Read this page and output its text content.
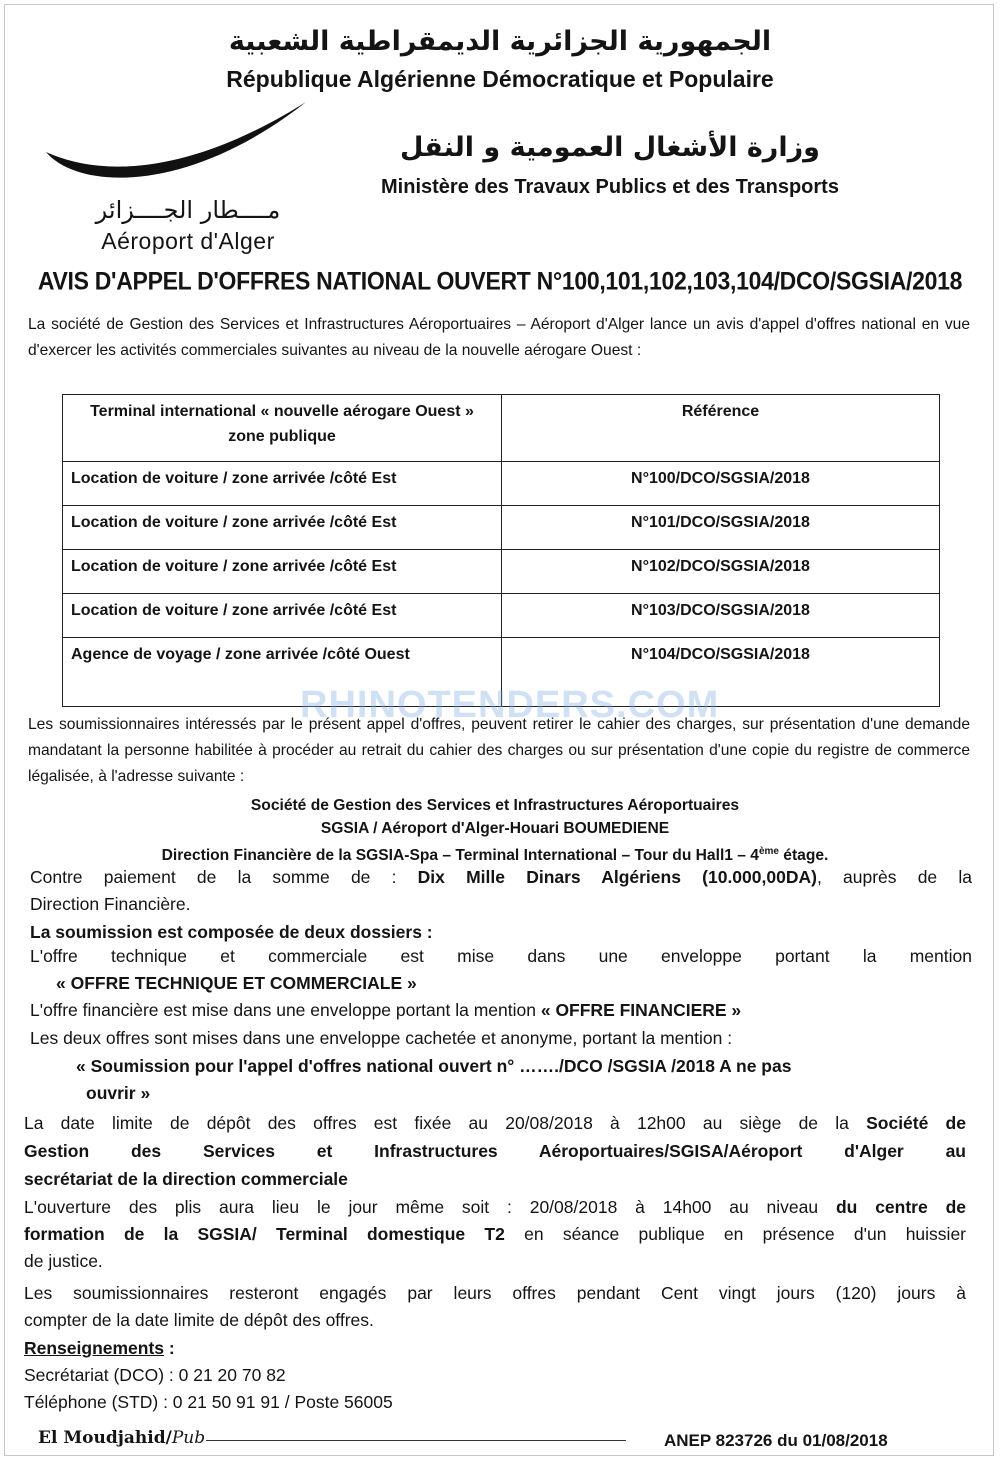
الجمهورية الجزائرية الديمقراطية الشعبية
République Algérienne Démocratique et Populaire
مــــطار الجــــزائر
Aéroport d'Alger
وزارة الأشغال العمومية و النقل
Ministère des Travaux Publics et des Transports
AVIS D'APPEL D'OFFRES NATIONAL OUVERT N°100,101,102,103,104/DCO/SGSIA/2018
La société de Gestion des Services et Infrastructures Aéroportuaires – Aéroport d'Alger lance un avis d'appel d'offres national en vue d'exercer les activités commerciales suivantes au niveau de la nouvelle aérogare Ouest :
Terminal international « nouvelle aérogare Ouest » zone publique	Référence
Location de voiture / zone arrivée /côté Est	N°100/DCO/SGSIA/2018
Location de voiture / zone arrivée /côté Est	N°101/DCO/SGSIA/2018
Location de voiture / zone arrivée /côté Est	N°102/DCO/SGSIA/2018
Location de voiture / zone arrivée /côté Est	N°103/DCO/SGSIA/2018
Agence de voyage / zone arrivée /côté Ouest	N°104/DCO/SGSIA/2018
Les soumissionnaires intéressés par le présent appel d'offres, peuvent retirer le cahier des charges, sur présentation d'une demande mandatant la personne habilitée à procéder au retrait du cahier des charges ou sur présentation d'une copie du registre de commerce légalisée, à l'adresse suivante :
RHINOTENDERS.COM
Société de Gestion des Services et Infrastructures Aéroportuaires
SGSIA / Aéroport d'Alger-Houari BOUMEDIENE
Direction Financière de la SGSIA-Spa – Terminal International – Tour du Hall1 – 4ème étage.
Contre paiement de la somme de : Dix Mille Dinars Algériens (10.000,00DA), auprès de la
Direction Financière.
La soumission est composée de deux dossiers :
L'offre technique et commerciale est mise dans une enveloppe portant la mention
« OFFRE TECHNIQUE ET COMMERCIALE »
L'offre financière est mise dans une enveloppe portant la mention « OFFRE FINANCIERE »
Les deux offres sont mises dans une enveloppe cachetée et anonyme, portant la mention :
« Soumission pour l'appel d'offres national ouvert n° ……./DCO /SGSIA /2018 A ne pas
ouvrir »
La date limite de dépôt des offres est fixée au 20/08/2018 à 12h00 au siège de la Société de
Gestion des Services et Infrastructures Aéroportuaires/SGISA/Aéroport d'Alger au
secrétariat de la direction commerciale
L'ouverture des plis aura lieu le jour même soit : 20/08/2018 à 14h00 au niveau du centre de
formation de la SGSIA/ Terminal domestique T2 en séance publique en présence d'un huissier
de justice.
Les soumissionnaires resteront engagés par leurs offres pendant Cent vingt jours (120) jours à
compter de la date limite de dépôt des offres.
Renseignements :
Secrétariat (DCO) : 0 21 20 70 82
Téléphone (STD) : 0 21 50 91 91 / Poste 56005
El Moudjahid/Pub	ANEP 823726 du 01/08/2018
